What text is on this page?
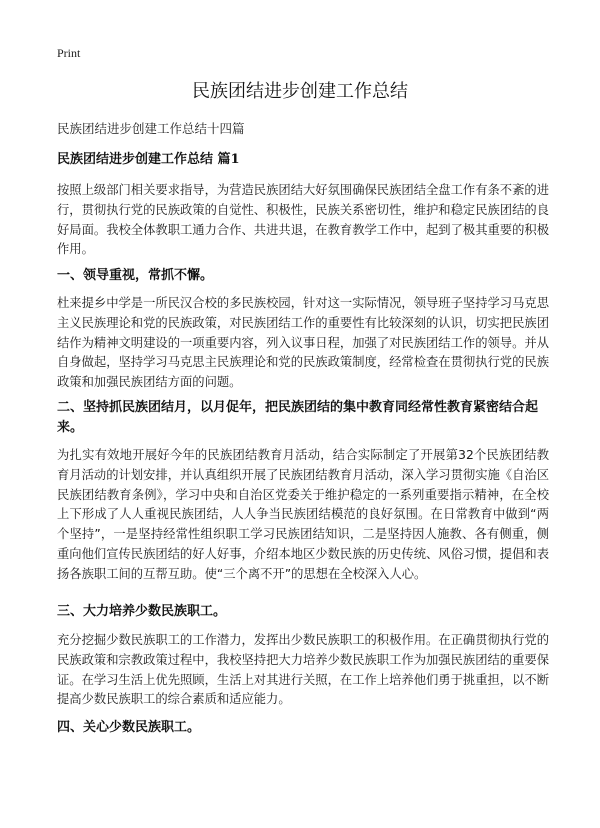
Print
民族团结进步创建工作总结
民族团结进步创建工作总结十四篇
民族团结进步创建工作总结 篇1
按照上级部门相关要求指导，为营造民族团结大好氛围确保民族团结全盘工作有条不紊的进行，贯彻执行党的民族政策的自觉性、积极性，民族关系密切性，维护和稳定民族团结的良好局面。我校全体教职工通力合作、共进共退，在教育教学工作中，起到了极其重要的积极作用。
一、领导重视，常抓不懈。
杜来提乡中学是一所民汉合校的多民族校园，针对这一实际情况，领导班子坚持学习马克思主义民族理论和党的民族政策，对民族团结工作的重要性有比较深刻的认识，切实把民族团结作为精神文明建设的一项重要内容，列入议事日程，加强了对民族团结工作的领导。并从自身做起，坚持学习马克思主民族理论和党的民族政策制度，经常检查在贯彻执行党的民族政策和加强民族团结方面的问题。
二、坚持抓民族团结月，以月促年，把民族团结的集中教育同经常性教育紧密结合起来。
为扎实有效地开展好今年的民族团结教育月活动，结合实际制定了开展第32个民族团结教育月活动的计划安排，并认真组织开展了民族团结教育月活动，深入学习贯彻实施《自治区民族团结教育条例》，学习中央和自治区党委关于维护稳定的一系列重要指示精神，在全校上下形成了人人重视民族团结，人人争当民族团结模范的良好氛围。在日常教育中做到“两个坚持”，一是坚持经常性组织职工学习民族团结知识，二是坚持因人施教、各有侧重，侧重向他们宣传民族团结的好人好事，介绍本地区少数民族的历史传统、风俗习惯，提倡和表扬各族职工间的互帮互助。使“三个离不开”的思想在全校深入人心。
三、大力培养少数民族职工。
充分挖掘少数民族职工的工作潜力，发挥出少数民族职工的积极作用。在正确贯彻执行党的民族政策和宗教政策过程中，我校坚持把大力培养少数民族职工作为加强民族团结的重要保证。在学习生活上优先照顾，生活上对其进行关照，在工作上培养他们勇于挑重担，以不断提高少数民族职工的综合素质和适应能力。
四、关心少数民族职工。
